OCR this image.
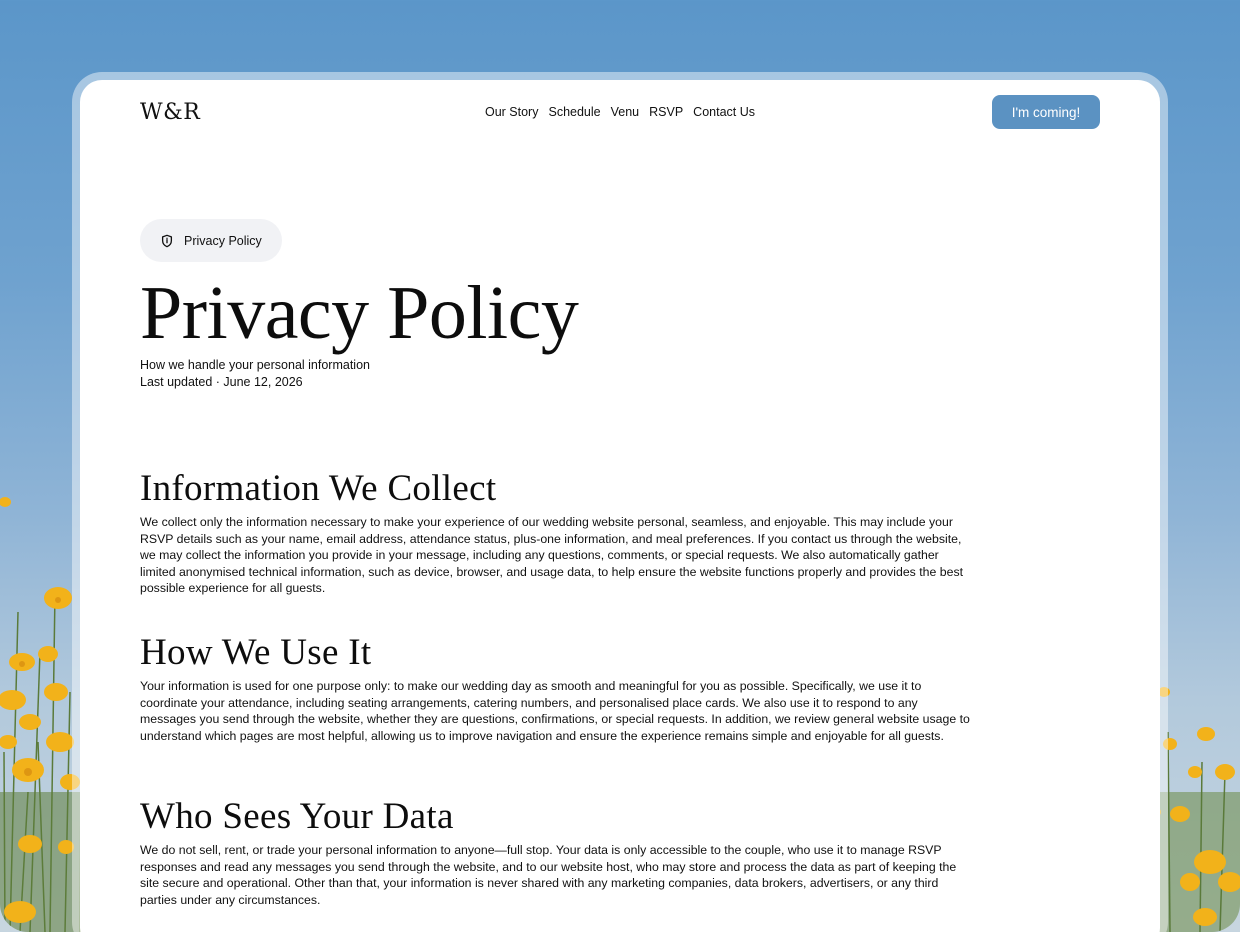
W&R	Our Story Schedule Venu RSVP Contact Us	I'm coming!
Privacy Policy
Privacy Policy
How we handle your personal information
Last updated · June 12, 2026
Information We Collect

We collect only the information necessary to make your experience of our wedding website personal, seamless, and enjoyable. This may include your RSVP details such as your name, email address, attendance status, plus-one information, and meal preferences. If you contact us through the website, we may collect the information you provide in your message, including any questions, comments, or special requests. We also automatically gather limited anonymised technical information, such as device, browser, and usage data, to help ensure the website functions properly and provides the best possible experience for all guests.

How We Use It

Your information is used for one purpose only: to make our wedding day as smooth and meaningful for you as possible. Specifically, we use it to coordinate your attendance, including seating arrangements, catering numbers, and personalised place cards. We also use it to respond to any messages you send through the website, whether they are questions, confirmations, or special requests. In addition, we review general website usage to understand which pages are most helpful, allowing us to improve navigation and ensure the experience remains simple and enjoyable for all guests.

Who Sees Your Data

We do not sell, rent, or trade your personal information to anyone—full stop. Your data is only accessible to the couple, who use it to manage RSVP responses and read any messages you send through the website, and to our website host, who may store and process the data as part of keeping the site secure and operational. Other than that, your information is never shared with any marketing companies, data brokers, advertisers, or any third parties under any circumstances.
